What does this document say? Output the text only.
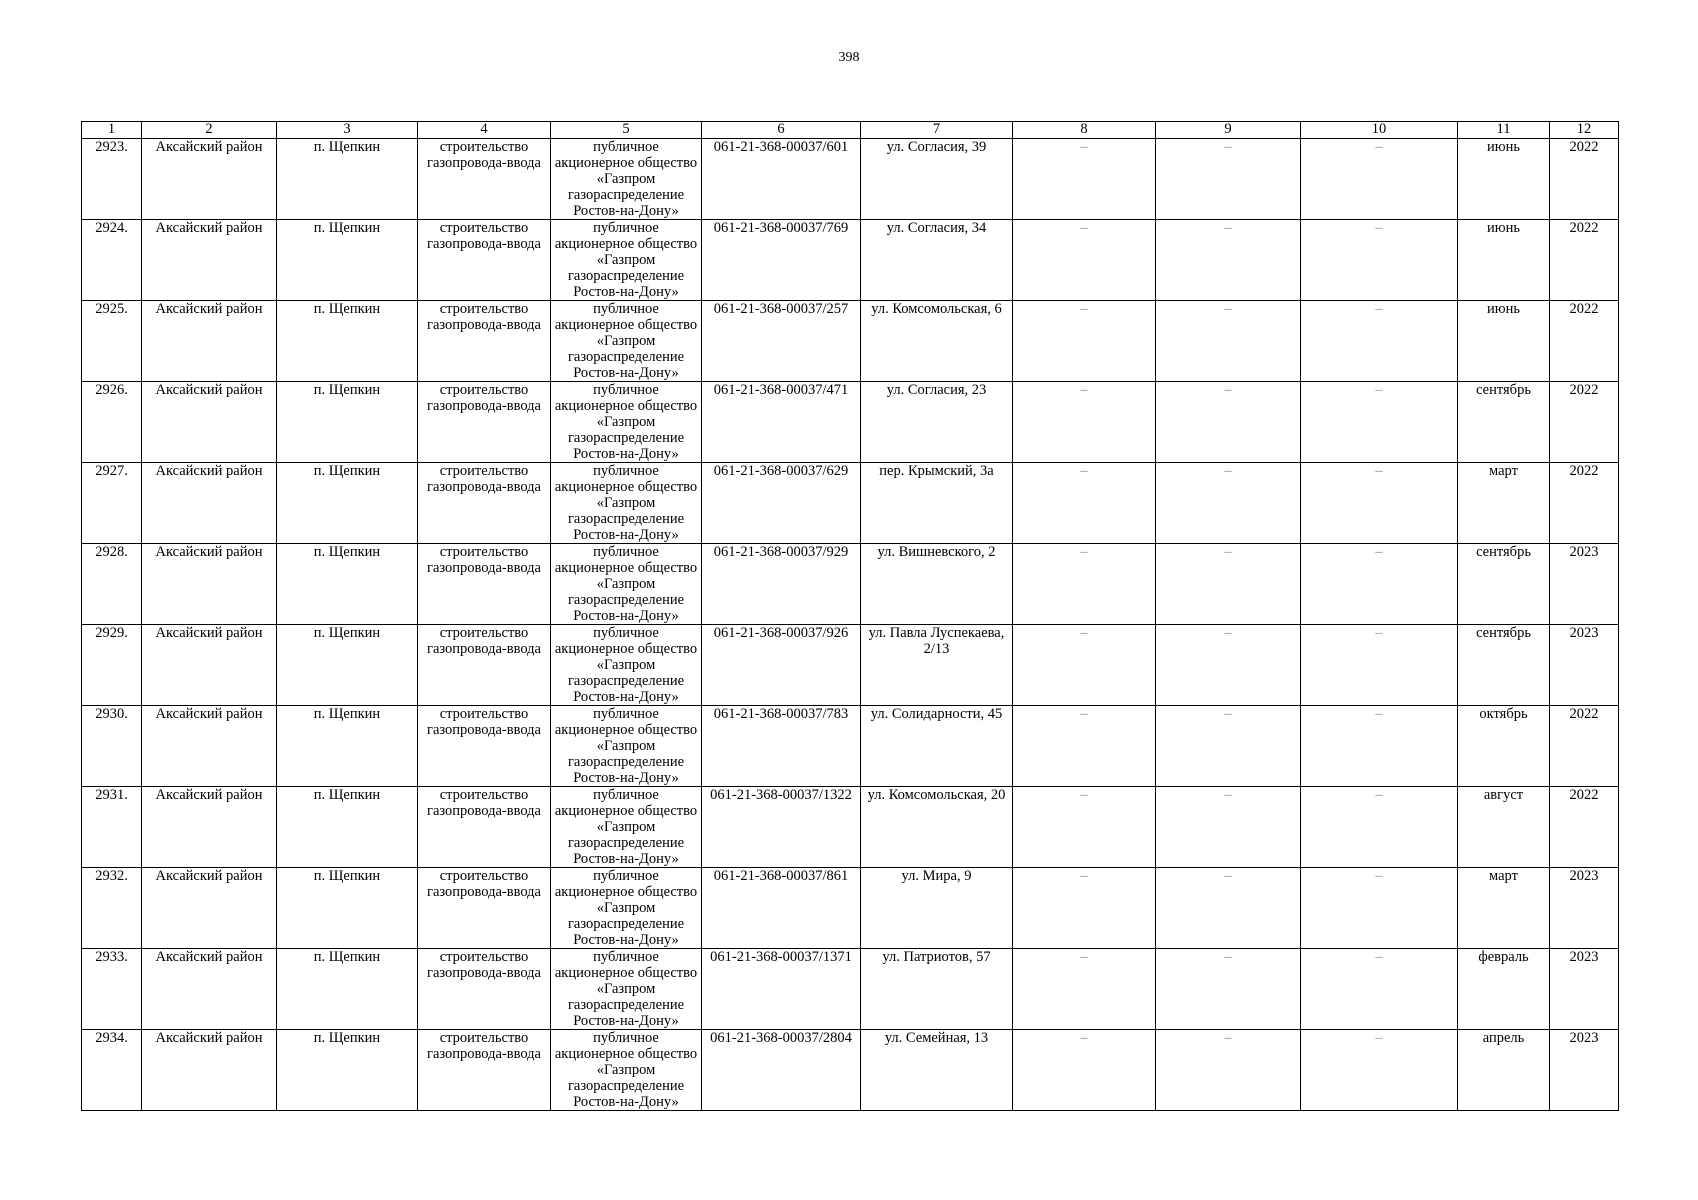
398
1	2	3	4	5	6	7	8	9	10	11	12
2923.	Аксайский район	п. Щепкин	строительство газопровода-ввода	публичное акционерное общество «Газпром газораспределение Ростов-на-Дону»	061-21-368-00037/601	ул. Согласия, 39	–	–	–	июнь	2022
2924.	Аксайский район	п. Щепкин	строительство газопровода-ввода	публичное акционерное общество «Газпром газораспределение Ростов-на-Дону»	061-21-368-00037/769	ул. Согласия, 34	–	–	–	июнь	2022
2925.	Аксайский район	п. Щепкин	строительство газопровода-ввода	публичное акционерное общество «Газпром газораспределение Ростов-на-Дону»	061-21-368-00037/257	ул. Комсомольская, 6	–	–	–	июнь	2022
2926.	Аксайский район	п. Щепкин	строительство газопровода-ввода	публичное акционерное общество «Газпром газораспределение Ростов-на-Дону»	061-21-368-00037/471	ул. Согласия, 23	–	–	–	сентябрь	2022
2927.	Аксайский район	п. Щепкин	строительство газопровода-ввода	публичное акционерное общество «Газпром газораспределение Ростов-на-Дону»	061-21-368-00037/629	пер. Крымский, 3а	–	–	–	март	2022
2928.	Аксайский район	п. Щепкин	строительство газопровода-ввода	публичное акционерное общество «Газпром газораспределение Ростов-на-Дону»	061-21-368-00037/929	ул. Вишневского, 2	–	–	–	сентябрь	2023
2929.	Аксайский район	п. Щепкин	строительство газопровода-ввода	публичное акционерное общество «Газпром газораспределение Ростов-на-Дону»	061-21-368-00037/926	ул. Павла Луспекаева, 2/13	–	–	–	сентябрь	2023
2930.	Аксайский район	п. Щепкин	строительство газопровода-ввода	публичное акционерное общество «Газпром газораспределение Ростов-на-Дону»	061-21-368-00037/783	ул. Солидарности, 45	–	–	–	октябрь	2022
2931.	Аксайский район	п. Щепкин	строительство газопровода-ввода	публичное акционерное общество «Газпром газораспределение Ростов-на-Дону»	061-21-368-00037/1322	ул. Комсомольская, 20	–	–	–	август	2022
2932.	Аксайский район	п. Щепкин	строительство газопровода-ввода	публичное акционерное общество «Газпром газораспределение Ростов-на-Дону»	061-21-368-00037/861	ул. Мира, 9	–	–	–	март	2023
2933.	Аксайский район	п. Щепкин	строительство газопровода-ввода	публичное акционерное общество «Газпром газораспределение Ростов-на-Дону»	061-21-368-00037/1371	ул. Патриотов, 57	–	–	–	февраль	2023
2934.	Аксайский район	п. Щепкин	строительство газопровода-ввода	публичное акционерное общество «Газпром газораспределение Ростов-на-Дону»	061-21-368-00037/2804	ул. Семейная, 13	–	–	–	апрель	2023
